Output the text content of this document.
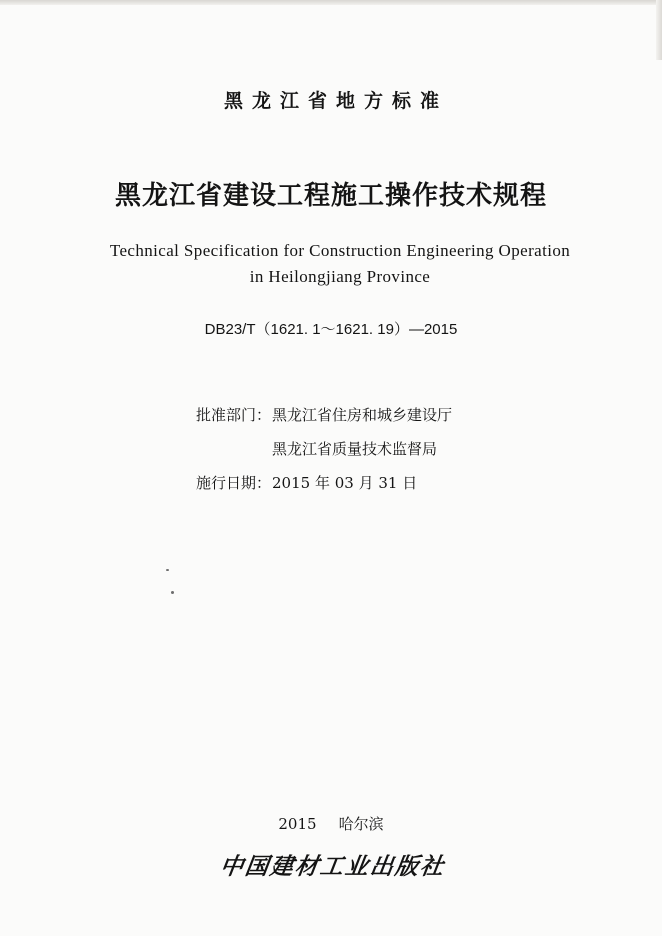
黑龙江省地方标准
黑龙江省建设工程施工操作技术规程
Technical Specification for Construction Engineering Operation
in Heilongjiang Province
DB23/T（1621. 1～1621. 19）—2015
批准部门：黑龙江省住房和城乡建设厅
黑龙江省质量技术监督局
施行日期：2015 年 03 月 31 日
2015 哈尔滨
中国建材工业出版社
